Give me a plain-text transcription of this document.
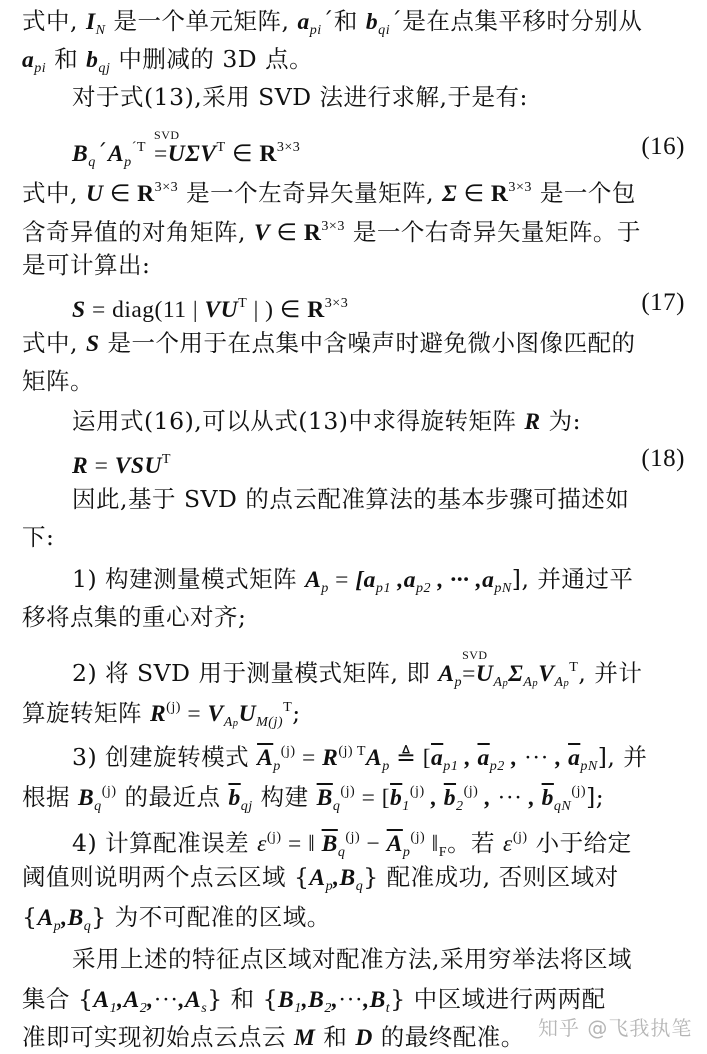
式中, $I_N$ 是一个单元矩阵, $a_{pi}´$和 $b_{qi}´$是在点集平移时分别从
$a_{pi}$ 和 $b_{qj}$ 中删减的 3D 点。
对于式(13),采用 SVD 法进行求解,于是有:
$B_q´A_p^{´T}$
SVD
$=U\Sigma V^T$ ∈ $R^{3\times 3}$	(16)
式中, U ∈ $R^{3\times 3}$ 是一个左奇异矢量矩阵, Σ ∈ $R^{3\times 3}$ 是一个包
含奇异值的对角矩阵, V ∈ $R^{3\times 3}$ 是一个右奇异矢量矩阵。于
是可计算出:
S = diag(11 | $VU^T$ | ) ∈ $R^{3\times 3}$	(17)
式中, S 是一个用于在点集中含噪声时避免微小图像匹配的
矩阵。
运用式(16),可以从式(13)中求得旋转矩阵 R 为:
$R = VSU^T$	(18)
因此,基于 SVD 的点云配准算法的基本步骤可描述如
下:
1) 构建测量模式矩阵 $A_p = [a_{p1}$ $,a_{p2}$ , ··· $,a_{pN}$], 并通过平
移将点集的重心对齐;
2) 将 SVD 用于测量模式矩阵, 即 $A_p$
SVD
$=U_{Ap}\Sigma_{Ap}V_{Ap}^T$, 并计
算旋转矩阵 $R^{(j)} = V_{Ap}U_{M(j)}^T$;
3) 创建旋转模式 $\overline{A}_p^{(j)} = R^{(j) T}A_p$ ≜ [$\overline{a}_{p1}$ , $\overline{a}_{p2}$ , ··· , $\overline{a}_{pN}$], 并
根据 $B_q^{(j)}$ 的最近点 $\overline{b}_{qj}$ 构建 $\overline{B}_q^{(j)} = [\overline{b}_1^{(j)}$ , $\overline{b}_2^{(j)}$ , ··· , $\overline{b}_{qN}^{(j)}$];
4) 计算配准误差 $\varepsilon^{(j)}$ = ‖ $\overline{B}_q^{(j)} - \overline{A}_p^{(j)}$ $‖_F$。若 $\varepsilon^{(j)}$ 小于给定
阈值则说明两个点云区域 $\{A_p,B_q\}$ 配准成功, 否则区域对
$\{A_p,B_q\}$ 为不可配准的区域。
采用上述的特征点区域对配准方法,采用穷举法将区域
集合 $\{A_1,A_2,\cdot\cdot\cdot,A_s\}$ 和 $\{B_1,B_2,\cdot\cdot\cdot,B_t\}$ 中区域进行两两配
准即可实现初始点云点云 M 和 D 的最终配准。 知乎 @飞我执笔
